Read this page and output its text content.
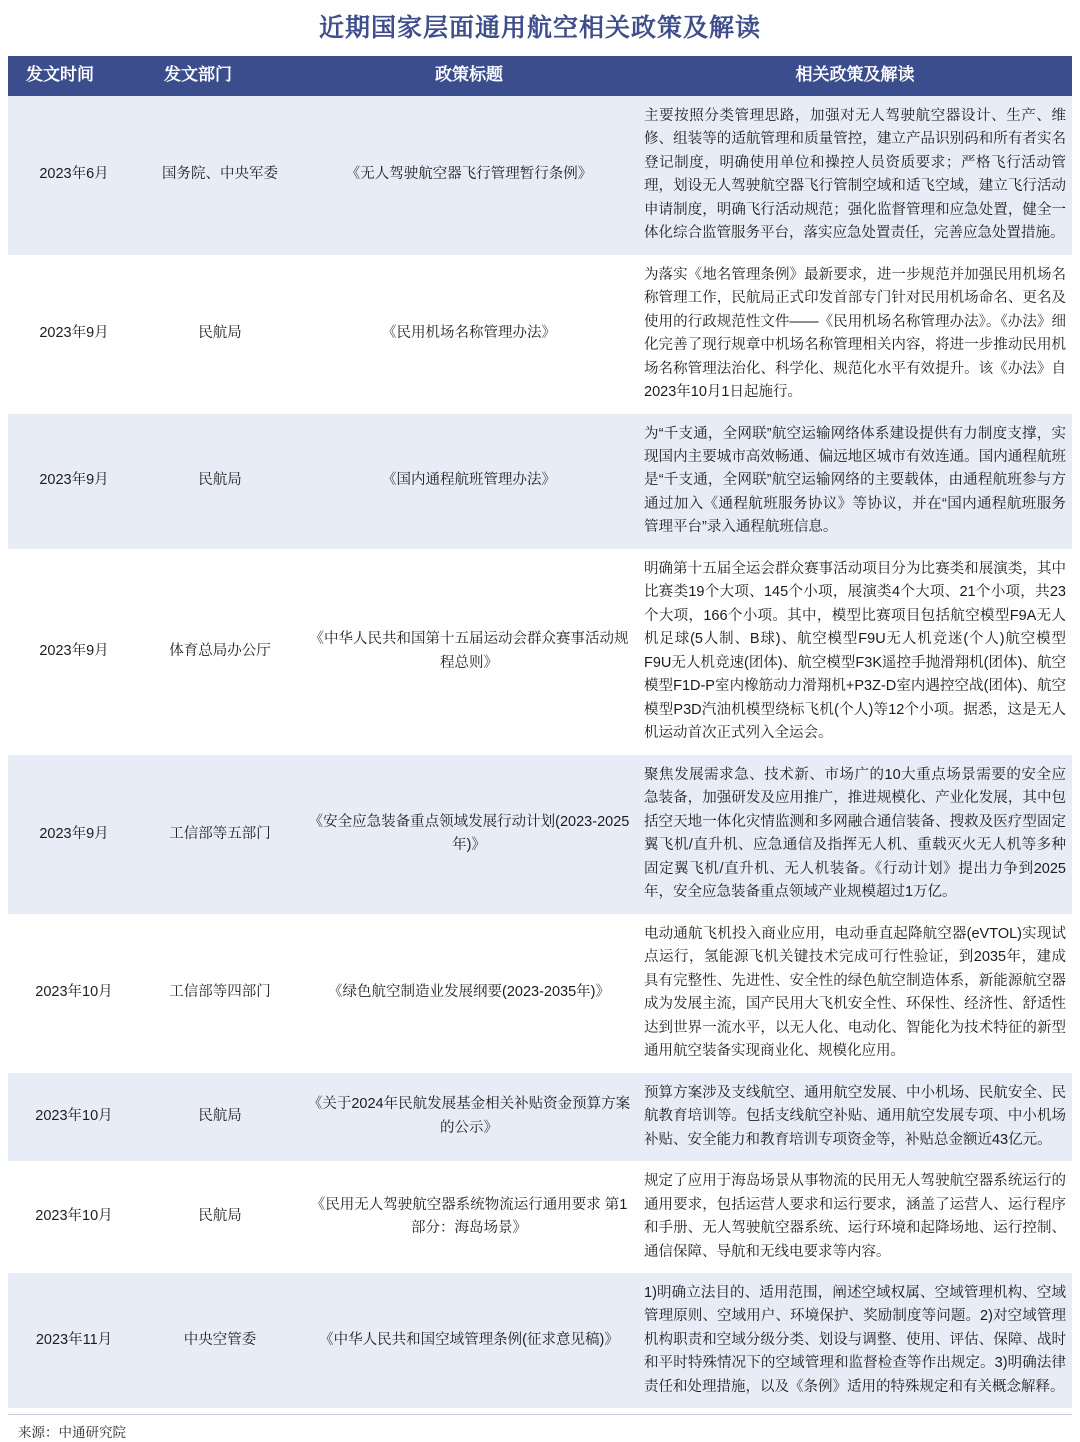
近期国家层面通用航空相关政策及解读
发文时间	发文部门	政策标题	相关政策及解读
2023年6月	国务院、中央军委	《无人驾驶航空器飞行管理暂行条例》	主要按照分类管理思路，加强对无人驾驶航空器设计、生产、维修、组装等的适航管理和质量管控，建立产品识别码和所有者实名登记制度，明确使用单位和操控人员资质要求；严格飞行活动管理，划设无人驾驶航空器飞行管制空域和适飞空域，建立飞行活动申请制度，明确飞行活动规范；强化监督管理和应急处置，健全一体化综合监管服务平台，落实应急处置责任，完善应急处置措施。
2023年9月	民航局	《民用机场名称管理办法》	为落实《地名管理条例》最新要求，进一步规范并加强民用机场名称管理工作，民航局正式印发首部专门针对民用机场命名、更名及使用的行政规范性文件——《民用机场名称管理办法》。《办法》细化完善了现行规章中机场名称管理相关内容，将进一步推动民用机场名称管理法治化、科学化、规范化水平有效提升。该《办法》自2023年10月1日起施行。
2023年9月	民航局	《国内通程航班管理办法》	为“千支通，全网联”航空运输网络体系建设提供有力制度支撑，实现国内主要城市高效畅通、偏远地区城市有效连通。国内通程航班是“千支通，全网联”航空运输网络的主要载体，由通程航班参与方通过加入《通程航班服务协议》等协议，并在“国内通程航班服务管理平台”录入通程航班信息。
2023年9月	体育总局办公厅	《中华人民共和国第十五届运动会群众赛事活动规程总则》	明确第十五届全运会群众赛事活动项目分为比赛类和展演类，其中比赛类19个大项、145个小项，展演类4个大项、21个小项，共23个大项，166个小项。其中，模型比赛项目包括航空模型F9A无人机足球(5人制、B球)、航空模型F9U无人机竞迷(个人)航空模型F9U无人机竞速(团体)、航空模型F3K遥控手抛滑翔机(团体)、航空模型F1D-P室内橡筋动力滑翔机+P3Z-D室内遇控空战(团体)、航空模型P3D汽油机模型绕标飞机(个人)等12个小项。据悉，这是无人机运动首次正式列入全运会。
2023年9月	工信部等五部门	《安全应急装备重点领域发展行动计划(2023-2025年)》	聚焦发展需求急、技术新、市场广的10大重点场景需要的安全应急装备，加强研发及应用推广，推进规模化、产业化发展，其中包括空天地一体化灾情监测和多网融合通信装备、搜救及医疗型固定翼飞机/直升机、应急通信及指挥无人机、重载灭火无人机等多种固定翼飞机/直升机、无人机装备。《行动计划》提出力争到2025年，安全应急装备重点领域产业规模超过1万亿。
2023年10月	工信部等四部门	《绿色航空制造业发展纲要(2023-2035年)》	电动通航飞机投入商业应用，电动垂直起降航空器(eVTOL)实现试点运行，氢能源飞机关键技术完成可行性验证，到2035年，建成具有完整性、先进性、安全性的绿色航空制造体系，新能源航空器成为发展主流，国产民用大飞机安全性、环保性、经济性、舒适性达到世界一流水平，以无人化、电动化、智能化为技术特征的新型通用航空装备实现商业化、规模化应用。
2023年10月	民航局	《关于2024年民航发展基金相关补贴资金预算方案的公示》	预算方案涉及支线航空、通用航空发展、中小机场、民航安全、民航教育培训等。包括支线航空补贴、通用航空发展专项、中小机场补贴、安全能力和教育培训专项资金等，补贴总金额近43亿元。
2023年10月	民航局	《民用无人驾驶航空器系统物流运行通用要求 第1部分：海岛场景》	规定了应用于海岛场景从事物流的民用无人驾驶航空器系统运行的通用要求，包括运营人要求和运行要求，涵盖了运营人、运行程序和手册、无人驾驶航空器系统、运行环境和起降场地、运行控制、通信保障、导航和无线电要求等内容。
2023年11月	中央空管委	《中华人民共和国空域管理条例(征求意见稿)》	1)明确立法目的、适用范围，阐述空域权属、空域管理机构、空域管理原则、空域用户、环境保护、奖励制度等问题。2)对空域管理机构职责和空域分级分类、划设与调整、使用、评估、保障、战时和平时特殊情况下的空域管理和监督检查等作出规定。3)明确法律责任和处理措施，以及《条例》适用的特殊规定和有关概念解释。
来源：中通研究院
